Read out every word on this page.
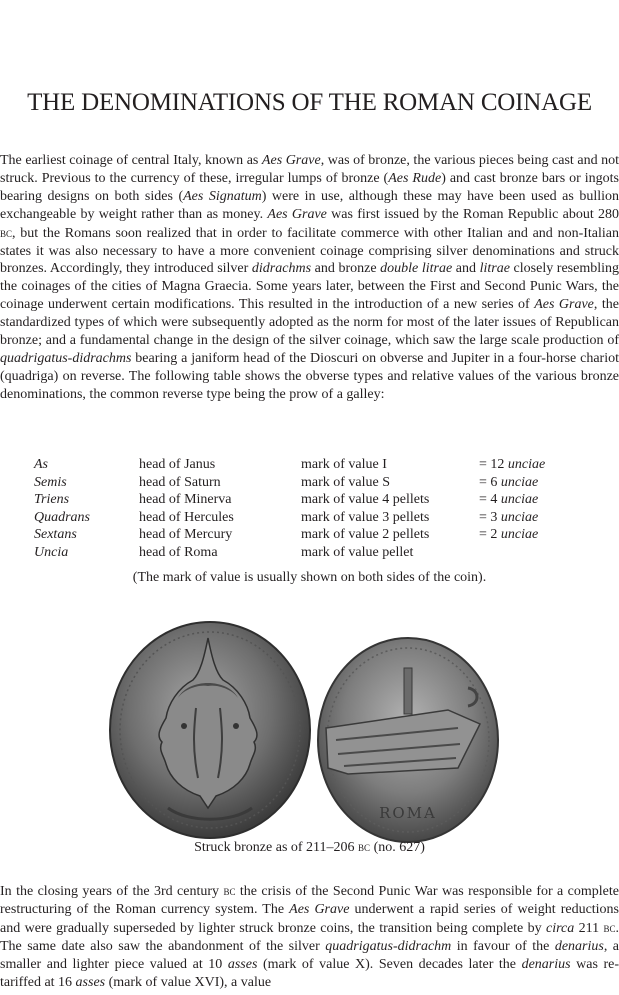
THE DENOMINATIONS OF THE ROMAN COINAGE

The earliest coinage of central Italy, known as Aes Grave, was of bronze, the various pieces being cast and not struck. Previous to the currency of these, irregular lumps of bronze (Aes Rude) and cast bronze bars or ingots bearing designs on both sides (Aes Signatum) were in use, although these may have been used as bullion exchangeable by weight rather than as money. Aes Grave was first issued by the Roman Republic about 280 bc, but the Romans soon realized that in order to facilitate commerce with other Italian and and non-Italian states it was also necessary to have a more convenient coinage comprising silver denominations and struck bronzes. Accordingly, they introduced silver didrachms and bronze double litrae and litrae closely resembling the coinages of the cities of Magna Graecia. Some years later, between the First and Second Punic Wars, the coinage underwent certain modifications. This resulted in the introduction of a new series of Aes Grave, the standardized types of which were subsequently adopted as the norm for most of the later issues of Republican bronze; and a fundamental change in the design of the silver coinage, which saw the large scale production of quadrigatus-didrachms bearing a janiform head of the Dioscuri on obverse and Jupiter in a four-horse chariot (quadriga) on reverse. The following table shows the obverse types and relative values of the various bronze denominations, the common reverse type being the prow of a galley:

As	head of Janus	mark of value I	= 12 unciae
Semis	head of Saturn	mark of value S	= 6 unciae
Triens	head of Minerva	mark of value 4 pellets	= 4 unciae
Quadrans	head of Hercules	mark of value 3 pellets	= 3 unciae
Sextans	head of Mercury	mark of value 2 pellets	= 2 unciae
Uncia	head of Roma	mark of value pellet	

(The mark of value is usually shown on both sides of the coin).

ROMA

Struck bronze as of 211–206 bc (no. 627)

In the closing years of the 3rd century bc the crisis of the Second Punic War was responsible for a complete restructuring of the Roman currency system. The Aes Grave underwent a rapid series of weight reductions and were gradually superseded by lighter struck bronze coins, the transition being complete by circa 211 bc. The same date also saw the abandonment of the silver quadrigatus-didrachm in favour of the denarius, a smaller and lighter piece valued at 10 asses (mark of value X). Seven decades later the denarius was re-tariffed at 16 asses (mark of value XVI), a value
